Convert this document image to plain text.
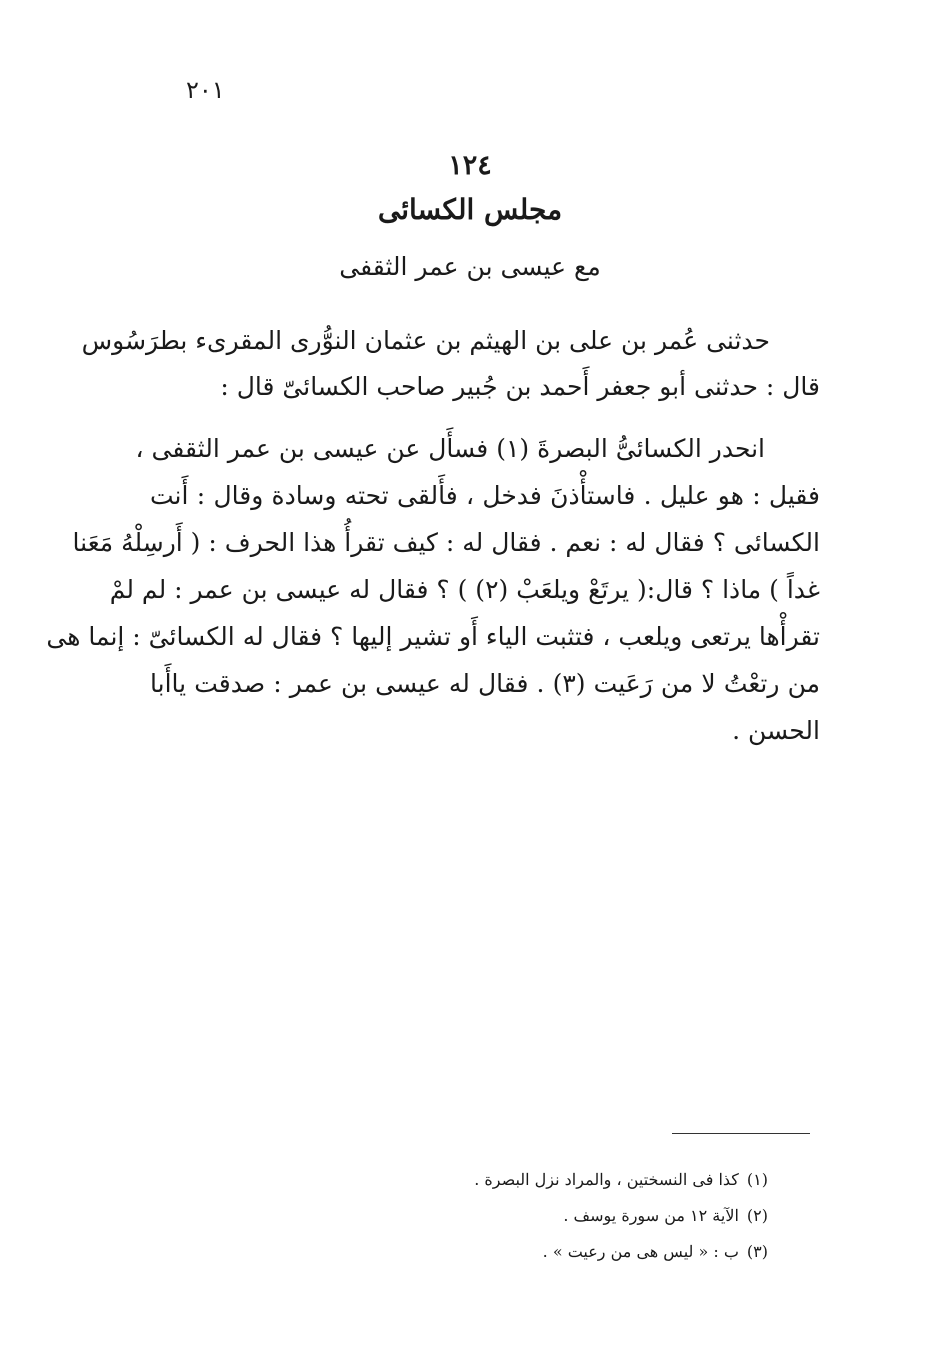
٢٠١
١٢٤
مجلس الكسائى
مع عيسى بن عمر الثقفى
حدثنى عُمر بن على بن الهيثم بن عثمان النوُّرى المقرىء بطرَسُوس
قال : حدثنى أبو جعفر أَحمد بن جُبير صاحب الكسائىّ قال :
انحدر الكسائىُّ البصرةَ (١) فسأَل عن عيسى بن عمر الثقفى ،
فقيل : هو عليل . فاستأْذنَ فدخل ، فأَلقى تحته وسادة وقال : أَنت
الكسائى ؟ فقال له : نعم . فقال له : كيف تقرأُ هذا الحرف : ( أَرسِلْهُ مَعَنا
غداً ) ماذا ؟ قال:( يرتَعْ ويلعَبْ (٢) ) ؟ فقال له عيسى بن عمر : لم لمْ
تقرأْها يرتعى ويلعب ، فتثبت الياء أَو تشير إليها ؟ فقال له الكسائىّ : إنما هى
من رتعْتُ لا من رَعَيت (٣) . فقال له عيسى بن عمر : صدقت ياأَبا
الحسن .
(١)كذا فى النسختين ، والمراد نزل البصرة .
(٢)الآية ١٢ من سورة يوسف .
(٣)ب : « ليس هى من رعيت » .
